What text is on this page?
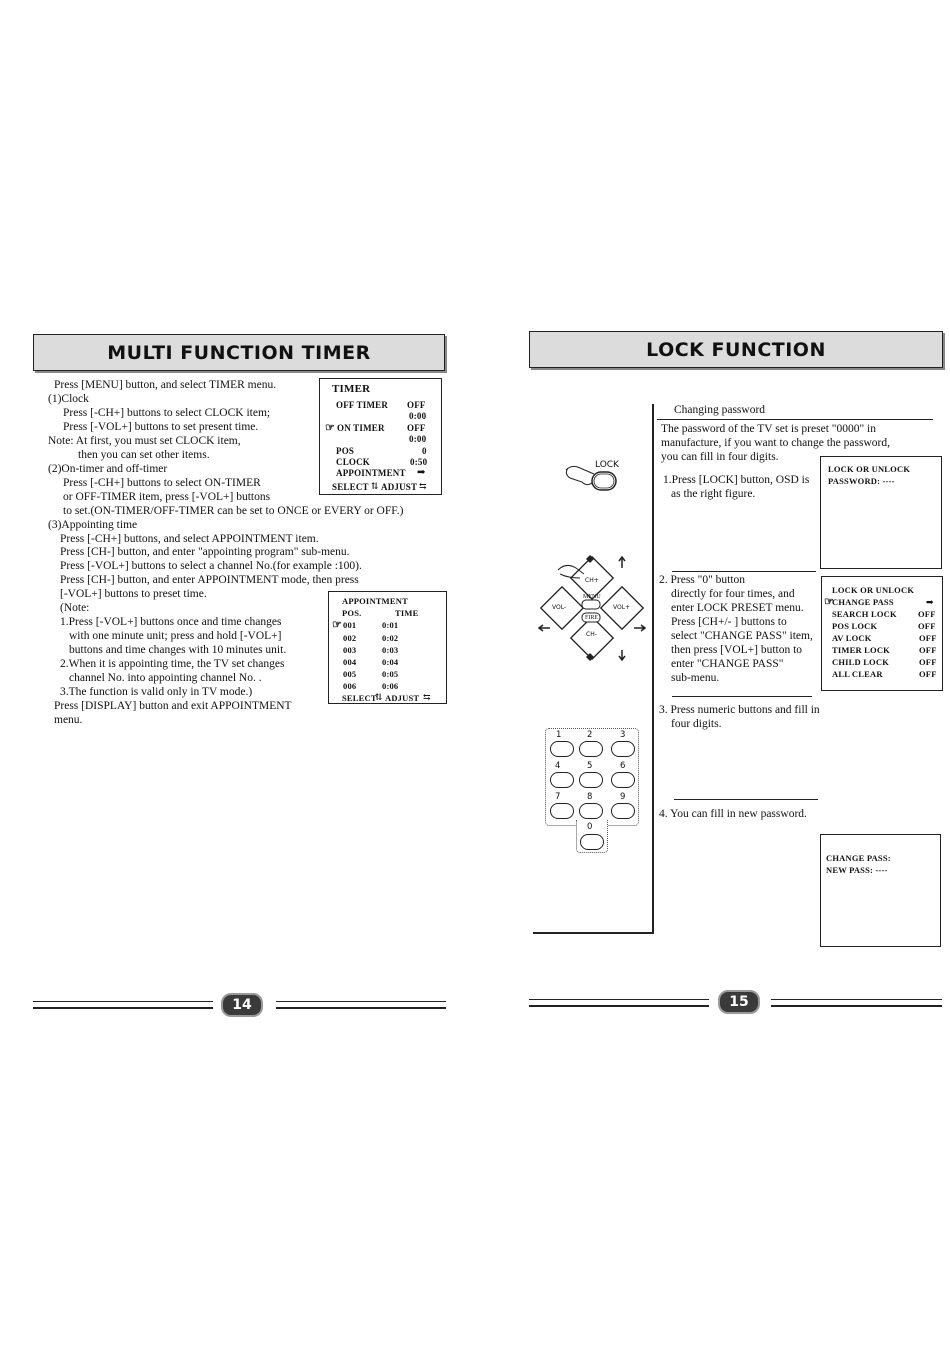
MULTI FUNCTION TIMER
Press [MENU] button, and select TIMER menu.
(1)Clock
Press [-CH+] buttons to select CLOCK item;
Press [-VOL+] buttons to set present time.
Note: At first, you must set CLOCK item,
then you can set other items.
(2)On-timer and off-timer
Press [-CH+] buttons to select ON-TIMER
or OFF-TIMER item, press [-VOL+] buttons
to set.(ON-TIMER/OFF-TIMER can be set to ONCE or EVERY or OFF.)
(3)Appointing time
Press [-CH+] buttons, and select APPOINTMENT item.
Press [CH-] button, and enter "appointing program" sub-menu.
Press [-VOL+] buttons to select a channel No.(for example :100).
Press [CH-] button, and enter APPOINTMENT mode, then press
[-VOL+] buttons to preset time.
(Note:
1.Press [-VOL+] buttons once and time changes
with one minute unit; press and hold [-VOL+]
buttons and time changes with 10 minutes unit.
2.When it is appointing time, the TV set changes
channel No. into appointing channel No. .
3.The function is valid only in TV mode.)
Press [DISPLAY] button and exit APPOINTMENT
menu.
TIMER
OFF TIMER OFF
0:00
☞ ON TIMER OFF
0:00
POS	0
CLOCK	0:50
APPOINTMENT ➡
SELECT ⇅ ADJUST ⇆
APPOINTMENT
POS.	TIME
☞ 001	0:01
002	0:02
003	0:03
004	0:04
005	0:05
006	0:06
SELECT
⇅ ADJUST ⇆
14
LOCK FUNCTION
Changing password
The password of the TV set is preset "0000" in
manufacture, if you want to change the password,
you can fill in four digits.
1.Press [LOCK] button, OSD is
as the right figure.
2. Press "0" button
directly for four times, and
enter LOCK PRESET menu.
Press [CH+/- ] buttons to
select "CHANGE PASS" item,
then press [VOL+] button to
enter "CHANGE PASS"
sub-menu.
3. Press numeric buttons and fill in
four digits.
4. You can fill in new password.
LOCK
CH+
CH-
VOL-	VOL+
MENU
FIRE
1	2	3
4	5	6
7	8	9
0
LOCK OR UNLOCK
PASSWORD: ----
LOCK OR UNLOCK
☞
CHANGE PASS	➡
SEARCH LOCK OFF
POS LOCK	OFF
AV LOCK	OFF
TIMER LOCK	OFF
CHILD LOCK	OFF
ALL CLEAR	OFF
CHANGE PASS:
NEW PASS: ----
15
